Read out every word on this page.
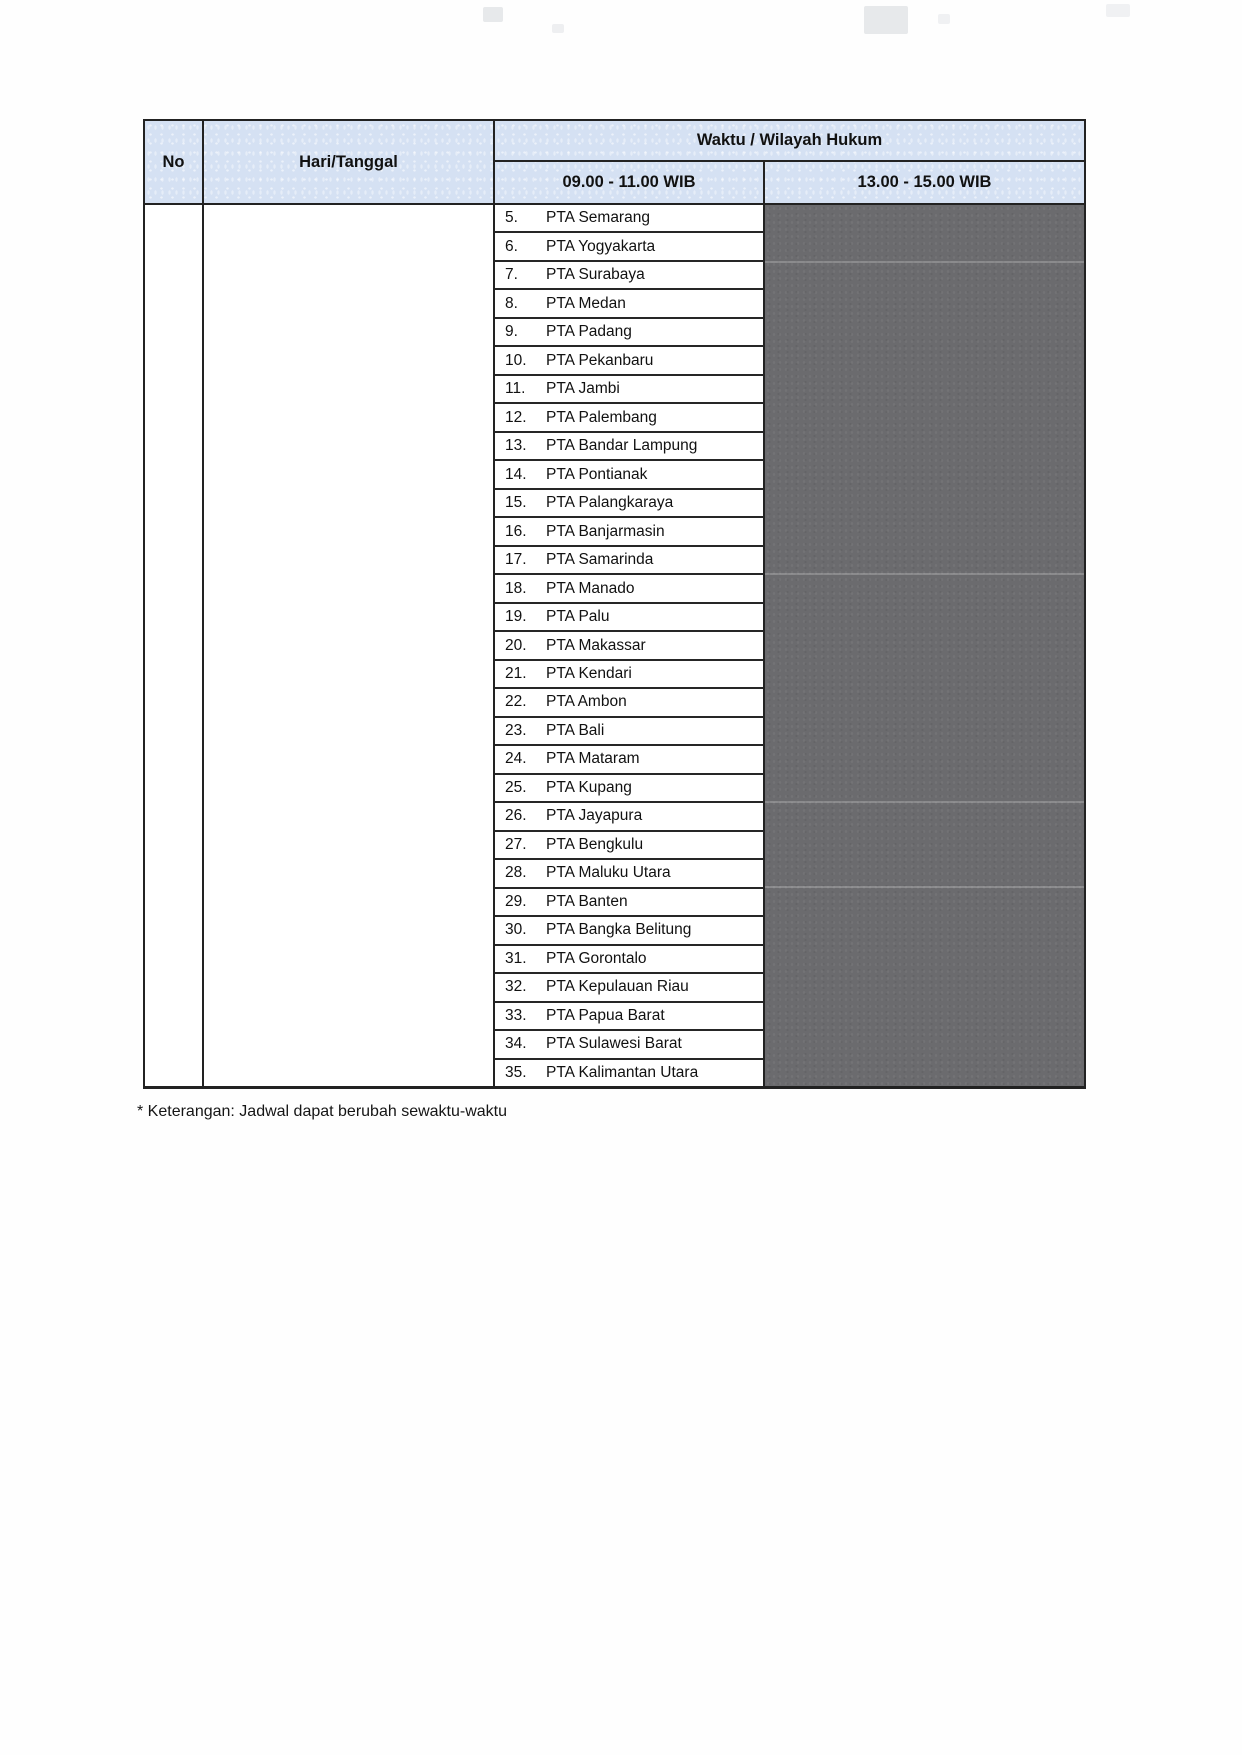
No	Hari/Tanggal
Waktu / Wilayah Hukum
09.00 - 11.00 WIB	13.00 - 15.00 WIB
5.	PTA Semarang
6.	PTA Yogyakarta
7.	PTA Surabaya
8.	PTA Medan
9.	PTA Padang
10.	PTA Pekanbaru
11.	PTA Jambi
12.	PTA Palembang
13.	PTA Bandar Lampung
14.	PTA Pontianak
15.	PTA Palangkaraya
16.	PTA Banjarmasin
17.	PTA Samarinda
18.	PTA Manado
19.	PTA Palu
20.	PTA Makassar
21.	PTA Kendari
22.	PTA Ambon
23.	PTA Bali
24.	PTA Mataram
25.	PTA Kupang
26.	PTA Jayapura
27.	PTA Bengkulu
28.	PTA Maluku Utara
29.	PTA Banten
30.	PTA Bangka Belitung
31.	PTA Gorontalo
32.	PTA Kepulauan Riau
33.	PTA Papua Barat
34.	PTA Sulawesi Barat
35.	PTA Kalimantan Utara
* Keterangan: Jadwal dapat berubah sewaktu-waktu
